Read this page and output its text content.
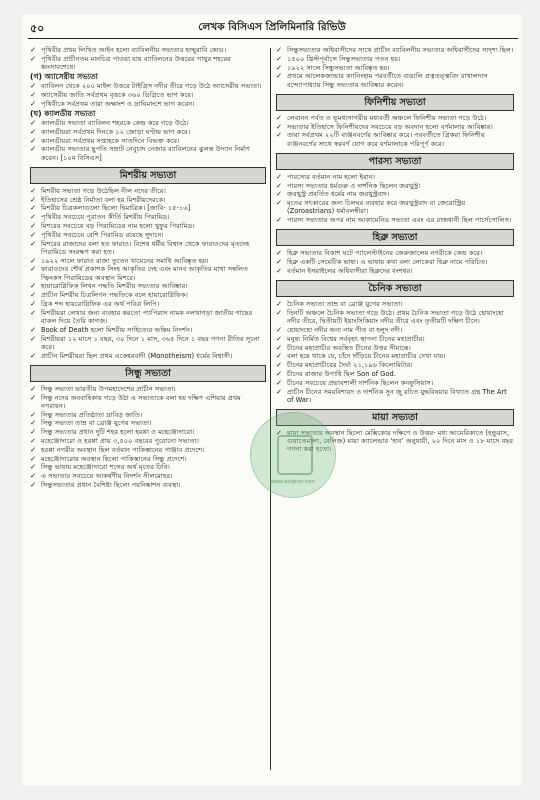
৫০	লেখক বিসিএস প্রিলিমিনারি রিভিউ
✓ পৃথিবীর প্রথম লিখিত আইন হলো ব্যাবিলনীয় সভ্যতার হাম্মুরাবি কোড।
✓ পৃথিবীর প্রাচীনতম মানচিত্র পাওয়া যায় ব্যাবিলনের উত্তরের গাথুর শহরের ধ্বংসাবশেষে।
(গ) অ্যাসেরীয় সভ্যতা
✓ ব্যাবিলন থেকে ২০০ মাইল উত্তরে টাইগ্রিস নদীর তীরে গড়ে উঠে অ্যাসেরীয় সভ্যতা।
✓ অ্যাসেরীয় জাতি সর্বপ্রথম বৃত্তকে ৩৬০ ডিগ্রিতে ভাগ করে।
✓ পৃথিবীকে সর্বপ্রথম তারা অক্ষাংশ ও দ্রাঘিমাংশে ভাগ করেন।
(ঘ) ক্যালডীয় সভ্যতা
✓ ক্যালডীয় সভ্যতা ব্যাবিলন শহরকে কেন্দ্র করে গড়ে উঠে।
✓ ক্যালডীয়রা সর্বপ্রথম দিনকে ১২ জোড়া ঘণ্টায় ভাগ করে।
✓ ক্যালডীয়রা সর্বপ্রথম সপ্তাহকে সাতদিনে বিভক্ত করে।
✓ ক্যালডীয় সভ্যতার ছুপতি সম্রাট নেবুচাদ নেজার ব্যাবিলনের ঝুলন্ত উদ্যান নির্মাণ করেন। [১০ম বিসিএস]
মিশরীয় সভ্যতা
✓ মিশরীয় সভ্যতা গড়ে উঠেছিল নীল নদের তীরে।
✓ ইতিহাসের শ্রেষ্ঠ নির্মাতা বলা হয় মিশরীয়দেরকে।
✓ মিশরীয় চিত্রকলাগুলো ছিলো দ্বিমাত্রিক। [জাবি- ১৫-১৬]
✓ পৃথিবীর সবচেয়ে পুরাতন কীর্তি মিশরীয় পিরামিড।
✓ মিশরের সবচেয়ে বড় পিরামিডের নাম হলো খুফুর পিরামিড।
✓ পৃথিবীর সবচেয়ে বেশি পিরামিড রয়েছে সুদানে।
✓ মিশরের রাজাদের বলা হত ফারাও। বিশেষ ধর্মীয় বিশ্বাস থেকে ফারাওদের মৃতদেহ পিরামিডে সংরক্ষণ করা হত।
✓ ১৯২২ সালে ফারাও রাজা তুতেন খামেনের সমাধি আবিষ্কৃত হয়।
✓ ফারাওদের শৌর্য প্রকাশক সিংহ আকৃতির দেহ এবং মানব আকৃতির মাথা সম্বলিত স্ফিংকস পিরামিডের অবস্থান মিশরে।
✓ হায়ারোগ্লিফিক লিখন পদ্ধতি মিশরীয় সভ্যতার আবিষ্কার।
✓ প্রাচীন মিশরীয় চিত্রলিপন পদ্ধতিকে বলে হায়ারোগ্লিফিক।
✓ গ্রিক শব্দ হায়রোগ্লিফিক এর অর্থ পবিত্র লিপি।
✓ মিশরীয়রা লেখার জন্য ব্যবহার করতো প্যাপিরাস নামক নলখাগড়া জাতীয় গাছের বাকল দিয়ে তৈরি কাগজ।
✓ Book of Death হলো মিশরীয় সাহিত্যের অন্তিম নিদর্শন।
✓ মিশরীয়রা ১২ মাসে ১ বছর, ৩০ দিনে ১ মাস, ৩৬৫ দিনে ১ বছর গণনা রীতির সূচনা করে।
✓ প্রাচীন মিশরীয়রা ছিল প্রথম একেশ্বরবাদী (Monotheism) ধর্মের বিশ্বাসী।
সিন্ধু সভ্যতা
✓ সিন্ধু সভ্যতা ভারতীয় উপমহাদেশের প্রাচীন সভ্যতা।
✓ সিন্ধু নদের অববাহিকায় গড়ে উঠা এ সভ্যতাকে বলা হয় দক্ষিণ এশিয়ার প্রথম নগরায়ন।
✓ সিন্ধু সভ্যতার প্রতিষ্ঠাতা দ্রাবিড় জাতি।
✓ সিন্ধু সভ্যতা তাম্র বা ব্রোঞ্জ যুগের সভ্যতা।
✓ সিন্ধু সভ্যতার প্রধান দুটি শহর হলো হরপ্পা ও মহেঞ্জোদারো।
✓ মহেঞ্জোদারো ও হরপ্পা প্রায় ৩,৫০০ বছরের পুরোনো সভ্যতা।
✓ হরপ্পা নগরীর অবস্থান ছিল বর্তমান পাকিস্তানের পাঞ্জাব প্রদেশে।
✓ মহেঞ্জোদারোর অবস্থান ছিলো পাকিস্তানের সিন্ধু প্রদেশে।
✓ সিন্ধু ভাষায় মহেঞ্জোদারো শব্দের অর্থ মৃতের ঢিবি।
✓ এ সভ্যতার সবচেয়ে আকর্ষণীয় নিদর্শন সীলমোহর।
✓ সিন্ধুসভ্যতার প্রধান বৈশিষ্ট্য ছিলো পয়নিষ্কাশন ব্যবস্থা।
✓ সিন্ধুসভ্যতার অধিবাসীদের সাথে প্রাচীন ব্যাবিলনীয় সভ্যতার অধিবাসীদের সাদৃশ্য ছিল।
✓ ১৫০০ খ্রিস্টপূর্বাব্দে সিন্ধুসভ্যতার পতন হয়।
✓ ১৯২২ সালে সিন্ধুসভ্যতা আবিষ্কৃত হয়।
✓ প্রথমে আলেকজান্ডার ক্যানিংহাম পরবর্তীতে বাঙালি প্রত্নতত্ত্ববিদ রাখালদাস বন্দ্যোপাধ্যায় সিন্ধু সভ্যতার আবিষ্কার করেন।
ফিনিশীয় সভ্যতা
✓ লেবানন পর্বত ও ভূমধ্যসাগরীয় মধ্যবর্তী অঞ্চলে ফিনিশীয় সভ্যতা গড়ে উঠে।
✓ সভ্যতার ইতিহাসে ফিনিশীয়দের সবচেয়ে বড় অবদান হলো বর্ণমালার আবিষ্কার।
✓ তারা সর্বপ্রথম ২২টি ব্যঞ্জনবর্ণের আবিষ্কার করে। পরবর্তীতে গ্রিকরা ফিনিশীয় ব্যঞ্জনবর্ণের সাথে স্বরবর্ণ যোগ করে বর্ণমালাকে পরিপূর্ণ করে।
পারস্য সভ্যতা
✓ পারস্যের বর্তমান নাম হলো ইরান।
✓ পারস্য সভ্যতার ধর্মগুরু ও দার্শনিক ছিলেন জরথুস্ট্র।
✓ জরথুস্ট্র প্রবর্তিত ধর্মের নাম জরথুস্ট্রবাদ।
✓ মৃতের সৎকারের জন্য চিলঘর ব্যবহার করে জরথুস্ট্রবাদ বা জেরোস্ট্রিয় (Zoroastrians) ধর্মাবলম্বীরা।
✓ পারস্য সভ্যতার অপর নাম আকামেনিড সভ্যতা এবং এর রাজধানী ছিল পার্সেপোলিস।
হিব্রু সভ্যতা
✓ হিব্রু সভ্যতার বিকাশ ঘটে প্যালেস্টাইনের জেরুজালেম নগরীকে কেন্দ্র করে।
✓ হিব্রু একটি সেমেটিক ভাষা। এ ভাষায় কথা বলা লোকেরা হিব্রু নামে পরিচিত।
✓ বর্তমান ইসরাইলের অধিবাসীরা হিব্রুদের বংশধর।
চৈনিক সভ্যতা
✓ চৈনিক সভ্যতা তাম্র বা ব্রোঞ্জ যুগের সভ্যতা।
✓ তিনটি অঞ্চলে চৈনিক সভ্যতা গড়ে উঠে। প্রথম চৈনিক সভ্যতা গড়ে উঠে হোয়াংহো নদীর তীরে, দ্বিতীয়টি ইয়াংসিকিয়াং নদীর তীরে এবং তৃতীয়টি দক্ষিণ চীনে।
✓ হোয়াংহো নদীর অন্য নাম পীত বা হলুদ নদী।
✓ মনুষ্য নির্মিত বিশ্বের সর্ববৃহৎ স্থাপনা চীনের মহাপ্রাচীর।
✓ চীনের মহাপ্রাচীর অবস্থিত চীনের উত্তর সীমান্তে।
✓ বলা হয়ে থাকে যে, চাঁদে দাঁড়িয়ে চীনের মহাপ্রাচীর দেখা যায়।
✓ চীনের মহাপ্রাচীরের দৈর্ঘ্য ২১,১৯৬ কিলোমিটার।
✓ চীনের রাজার উপাধি ছিল Son of God.
✓ চীনের সবচেয়ে প্রভাবশালী দার্শনিক ছিলেন কনফুসিয়াস।
✓ প্রাচীন চীনের সমরবিশারদ ও দার্শনিক সুন জু রচিত যুদ্ধবিষয়ার বিখ্যাত গ্রন্থ The Art of War।
মায়া সভ্যতা
✓ মায়া সভ্যতার অবস্থান ছিলো মেক্সিকোর দক্ষিণে ও উত্তর- মধ্য আমেরিকাতে (হন্ডুরাস, গুয়াতেমালা, বেলিজ) মায়া ক্যালেন্ডার ‘হাব’ অনুযায়ী, ২০ দিনে মাস ও ১৮ মাসে বছর গণনা করা হতো।
www.boighor.com
